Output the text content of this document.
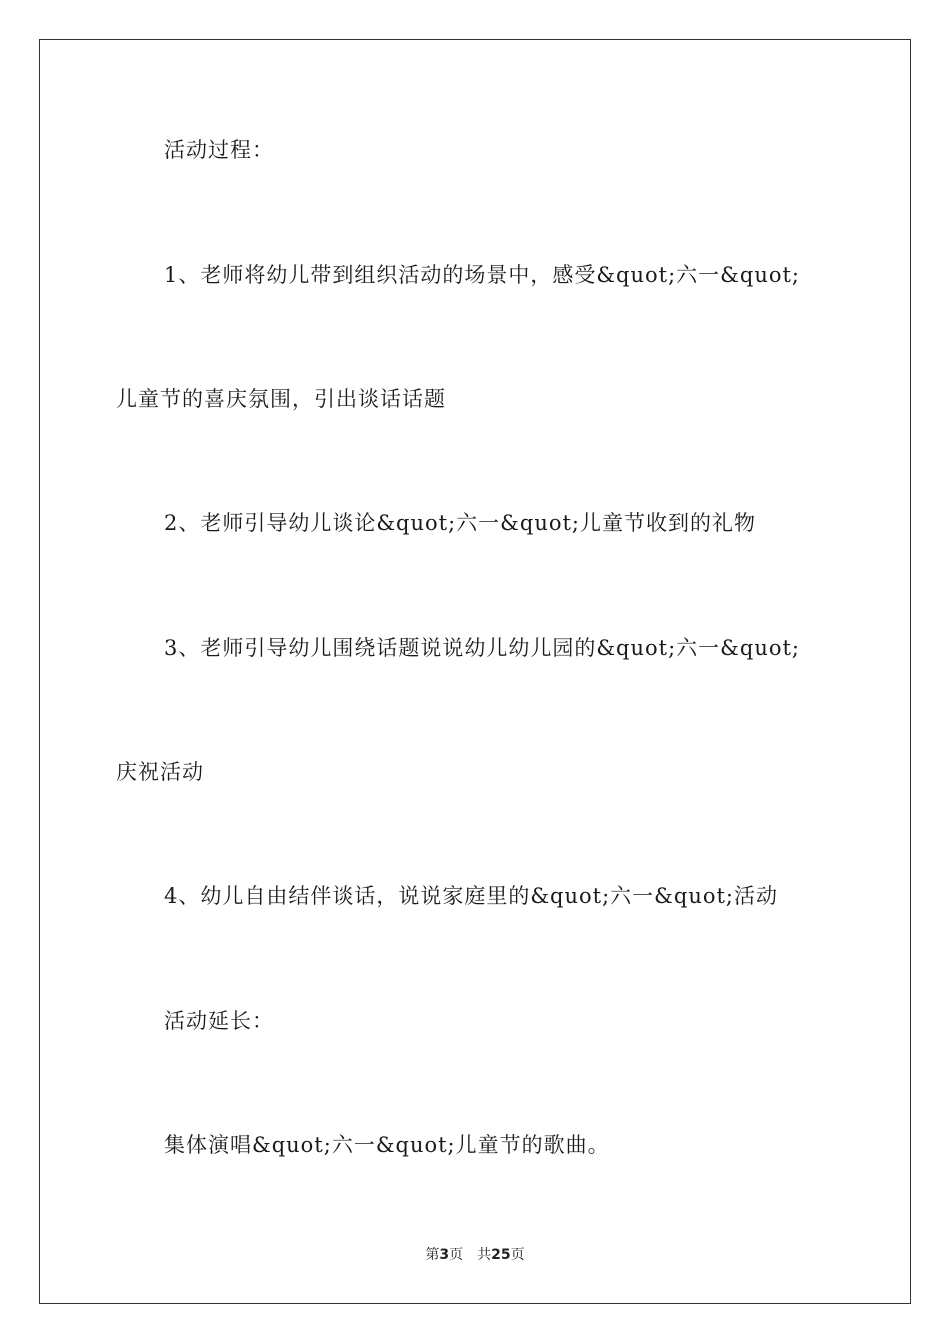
活动过程：
1、老师将幼儿带到组织活动的场景中，感受&quot;六一&quot;
儿童节的喜庆氛围，引出谈话话题
2、老师引导幼儿谈论&quot;六一&quot;儿童节收到的礼物
3、老师引导幼儿围绕话题说说幼儿幼儿园的&quot;六一&quot;
庆祝活动
4、幼儿自由结伴谈话，说说家庭里的&quot;六一&quot;活动
活动延长：
集体演唱&quot;六一&quot;儿童节的歌曲。
第3页 共25页
